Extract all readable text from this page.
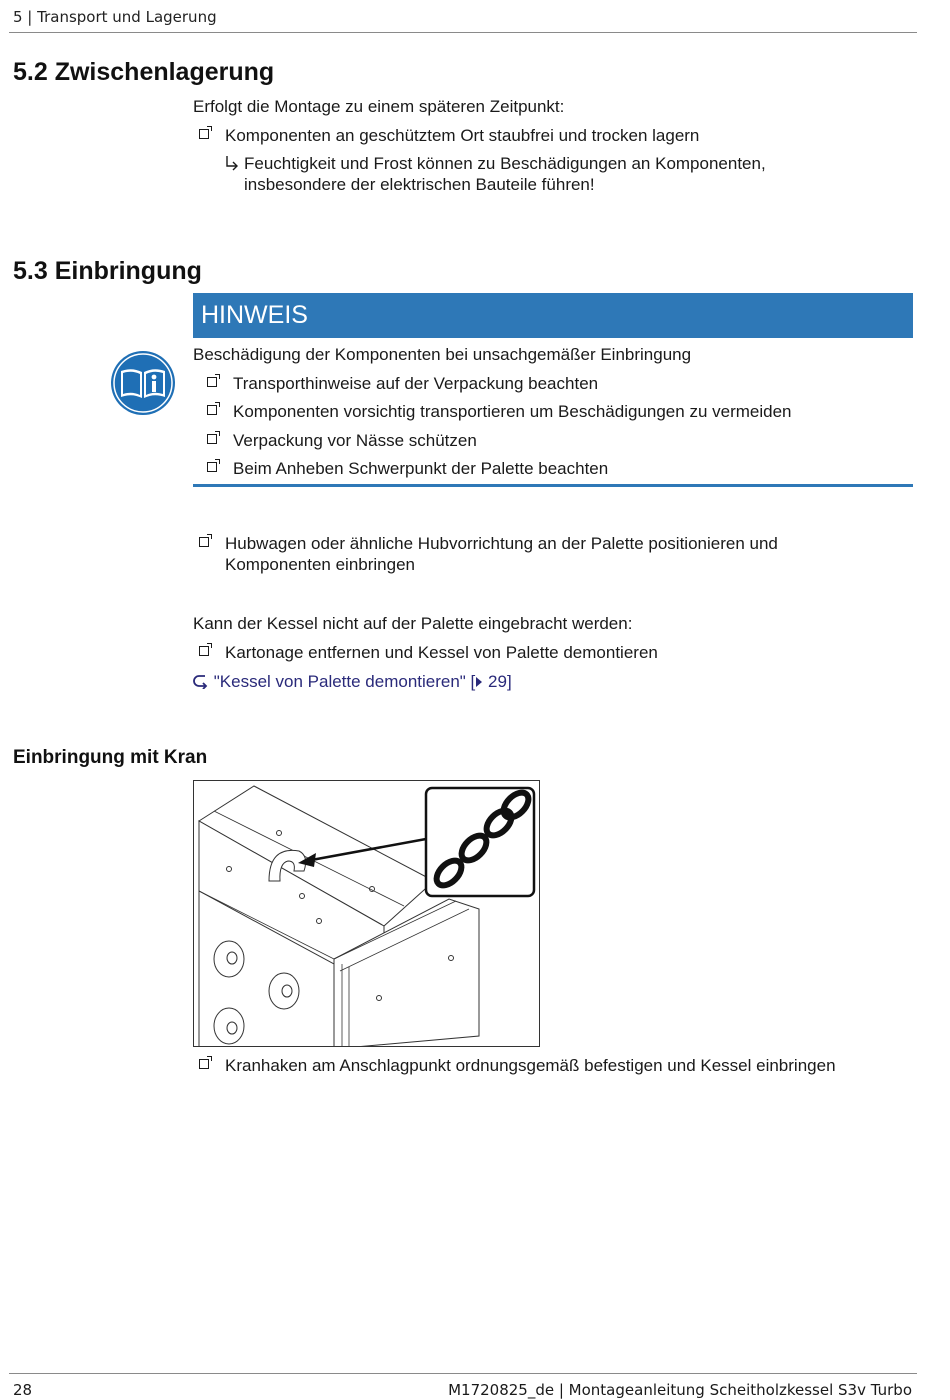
5 | Transport und Lagerung
5.2 Zwischenlagerung
Erfolgt die Montage zu einem späteren Zeitpunkt:
Komponenten an geschütztem Ort staubfrei und trocken lagern
Feuchtigkeit und Frost können zu Beschädigungen an Komponenten,
insbesondere der elektrischen Bauteile führen!
5.3 Einbringung
HINWEIS
Beschädigung der Komponenten bei unsachgemäßer Einbringung
Transporthinweise auf der Verpackung beachten
Komponenten vorsichtig transportieren um Beschädigungen zu vermeiden
Verpackung vor Nässe schützen
Beim Anheben Schwerpunkt der Palette beachten
Hubwagen oder ähnliche Hubvorrichtung an der Palette positionieren und
Komponenten einbringen
Kann der Kessel nicht auf der Palette eingebracht werden:
Kartonage entfernen und Kessel von Palette demontieren
"Kessel von Palette demontieren" [ 29]
Einbringung mit Kran
Kranhaken am Anschlagpunkt ordnungsgemäß befestigen und Kessel einbringen
28	M1720825_de | Montageanleitung Scheitholzkessel S3v Turbo
